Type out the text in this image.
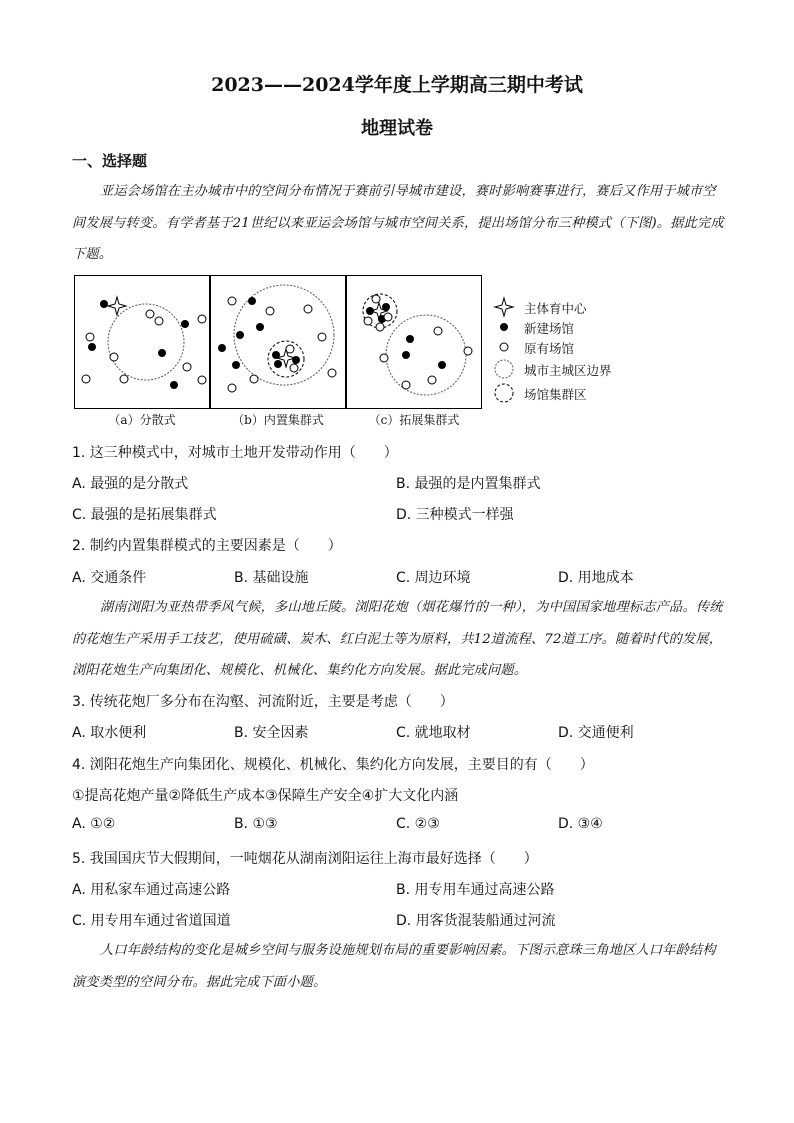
2023——2024学年度上学期高三期中考试
地理试卷
一、选择题
亚运会场馆在主办城市中的空间分布情况于赛前引导城市建设，赛时影响赛事进行，赛后又作用于城市空间发展与转变。有学者基于21世纪以来亚运会场馆与城市空间关系，提出场馆分布三种模式（下图)。据此完成下题。
（a）分散式	（b）内置集群式	（c）拓展集群式
主体育中心
新建场馆
原有场馆
城市主城区边界
场馆集群区
1. 这三种模式中，对城市土地开发带动作用（　　）
A. 最强的是分散式	B. 最强的是内置集群式
C. 最强的是拓展集群式	D. 三种模式一样强
2. 制约内置集群模式的主要因素是（　　）
A. 交通条件	B. 基础设施	C. 周边环境	D. 用地成本
湖南浏阳为亚热带季风气候，多山地丘陵。浏阳花炮（烟花爆竹的一种），为中国国家地理标志产品。传统的花炮生产采用手工技艺，使用硫磺、炭木、红白泥土等为原料，共12道流程、72道工序。随着时代的发展，浏阳花炮生产向集团化、规模化、机械化、集约化方向发展。据此完成问题。
3. 传统花炮厂多分布在沟壑、河流附近，主要是考虑（　　）
A. 取水便利	B. 安全因素	C. 就地取材	D. 交通便利
4. 浏阳花炮生产向集团化、规模化、机械化、集约化方向发展，主要目的有（　　）
①提高花炮产量②降低生产成本③保障生产安全④扩大文化内涵
A. ①②	B. ①③	C. ②③	D. ③④
5. 我国国庆节大假期间，一吨烟花从湖南浏阳运往上海市最好选择（　　）
A. 用私家车通过高速公路	B. 用专用车通过高速公路
C. 用专用车通过省道国道	D. 用客货混装船通过河流
人口年龄结构的变化是城乡空间与服务设施规划布局的重要影响因素。下图示意珠三角地区人口年龄结构演变类型的空间分布。据此完成下面小题。
